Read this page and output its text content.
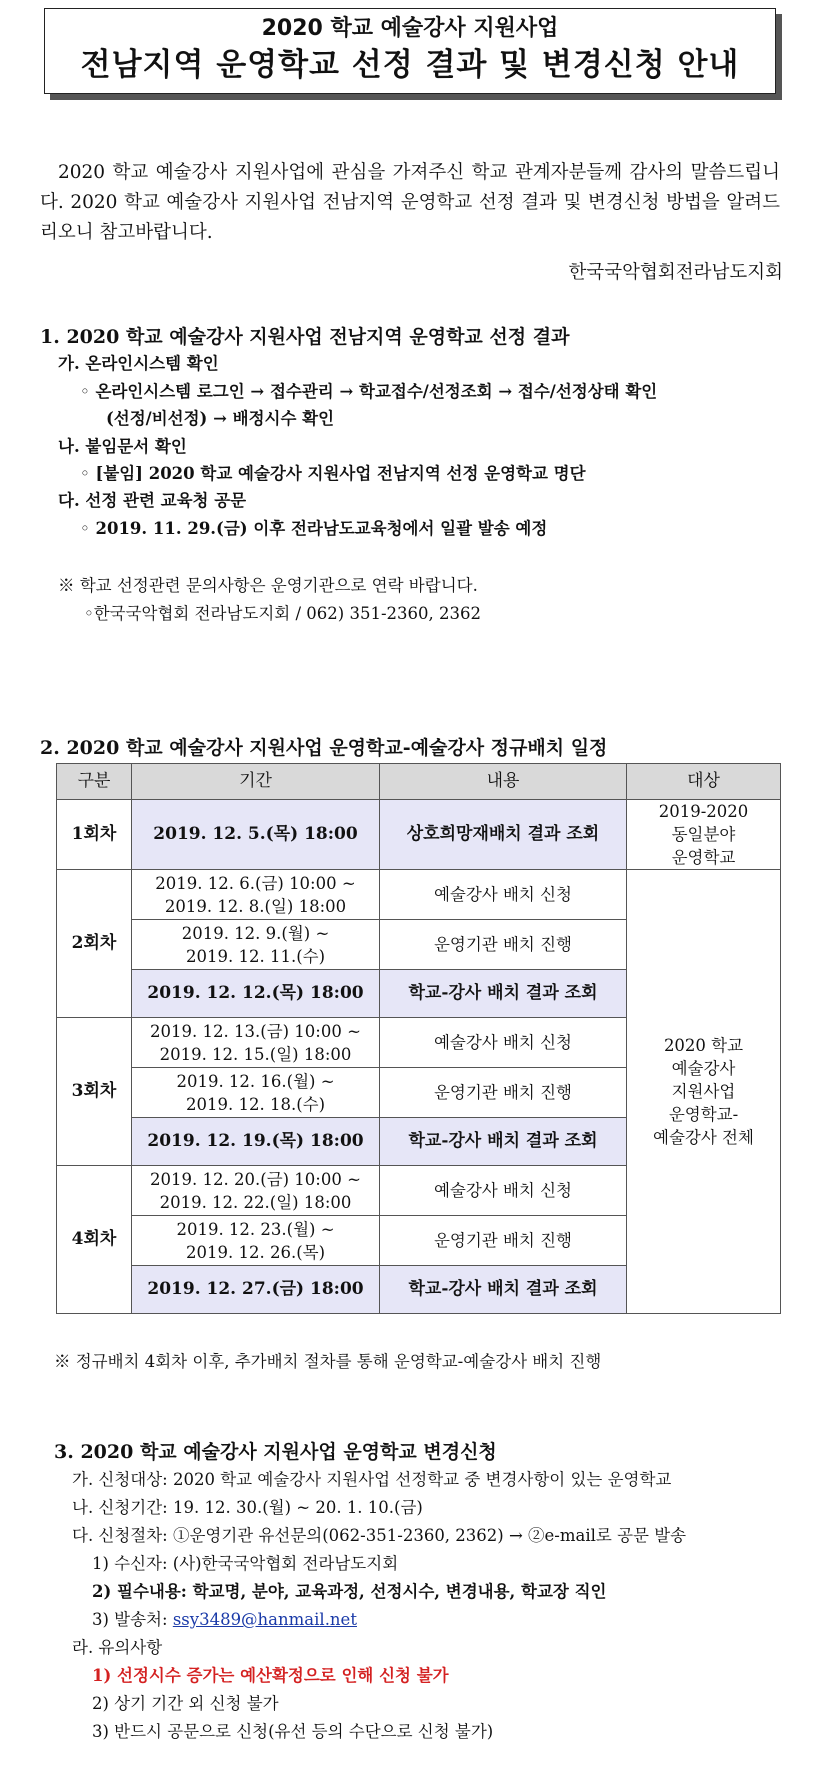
2020 학교 예술강사 지원사업
전남지역 운영학교 선정 결과 및 변경신청 안내
2020 학교 예술강사 지원사업에 관심을 가져주신 학교 관계자분들께 감사의 말씀드립니다. 2020 학교 예술강사 지원사업 전남지역 운영학교 선정 결과 및 변경신청 방법을 알려드리오니 참고바랍니다.
한국국악협회전라남도지회
1. 2020 학교 예술강사 지원사업 전남지역 운영학교 선정 결과
가. 온라인시스템 확인
◦ 온라인시스템 로그인 → 접수관리 → 학교접수/선정조회 → 접수/선정상태 확인
(선정/비선정) → 배정시수 확인
나. 붙임문서 확인
◦ [붙임] 2020 학교 예술강사 지원사업 전남지역 선정 운영학교 명단
다. 선정 관련 교육청 공문
◦ 2019. 11. 29.(금) 이후 전라남도교육청에서 일괄 발송 예정
※ 학교 선정관련 문의사항은 운영기관으로 연락 바랍니다.
◦한국국악협회 전라남도지회 / 062) 351-2360, 2362
2. 2020 학교 예술강사 지원사업 운영학교-예술강사 정규배치 일정
구분	기간	내용	대상
1회차	2019. 12. 5.(목) 18:00	상호희망재배치 결과 조회	2019-2020
동일분야
운영학교
2회차	2019. 12. 6.(금) 10:00 ~
2019. 12. 8.(일) 18:00	예술강사 배치 신청	2020 학교
예술강사
지원사업
운영학교-
예술강사 전체
	2019. 12. 9.(월) ~
2019. 12. 11.(수)	운영기관 배치 진행	
	2019. 12. 12.(목) 18:00	학교-강사 배치 결과 조회	
3회차	2019. 12. 13.(금) 10:00 ~
2019. 12. 15.(일) 18:00	예술강사 배치 신청	
	2019. 12. 16.(월) ~
2019. 12. 18.(수)	운영기관 배치 진행	
	2019. 12. 19.(목) 18:00	학교-강사 배치 결과 조회	
4회차	2019. 12. 20.(금) 10:00 ~
2019. 12. 22.(일) 18:00	예술강사 배치 신청	
	2019. 12. 23.(월) ~
2019. 12. 26.(목)	운영기관 배치 진행	
	2019. 12. 27.(금) 18:00	학교-강사 배치 결과 조회	
※ 정규배치 4회차 이후, 추가배치 절차를 통해 운영학교-예술강사 배치 진행
3. 2020 학교 예술강사 지원사업 운영학교 변경신청
가. 신청대상: 2020 학교 예술강사 지원사업 선정학교 중 변경사항이 있는 운영학교
나. 신청기간: 19. 12. 30.(월) ~ 20. 1. 10.(금)
다. 신청절차: ①운영기관 유선문의(062-351-2360, 2362) → ②e-mail로 공문 발송
1) 수신자: (사)한국국악협회 전라남도지회
2) 필수내용: 학교명, 분야, 교육과정, 선정시수, 변경내용, 학교장 직인
3) 발송처: ssy3489@hanmail.net
라. 유의사항
1) 선정시수 증가는 예산확정으로 인해 신청 불가
2) 상기 기간 외 신청 불가
3) 반드시 공문으로 신청(유선 등의 수단으로 신청 불가)
